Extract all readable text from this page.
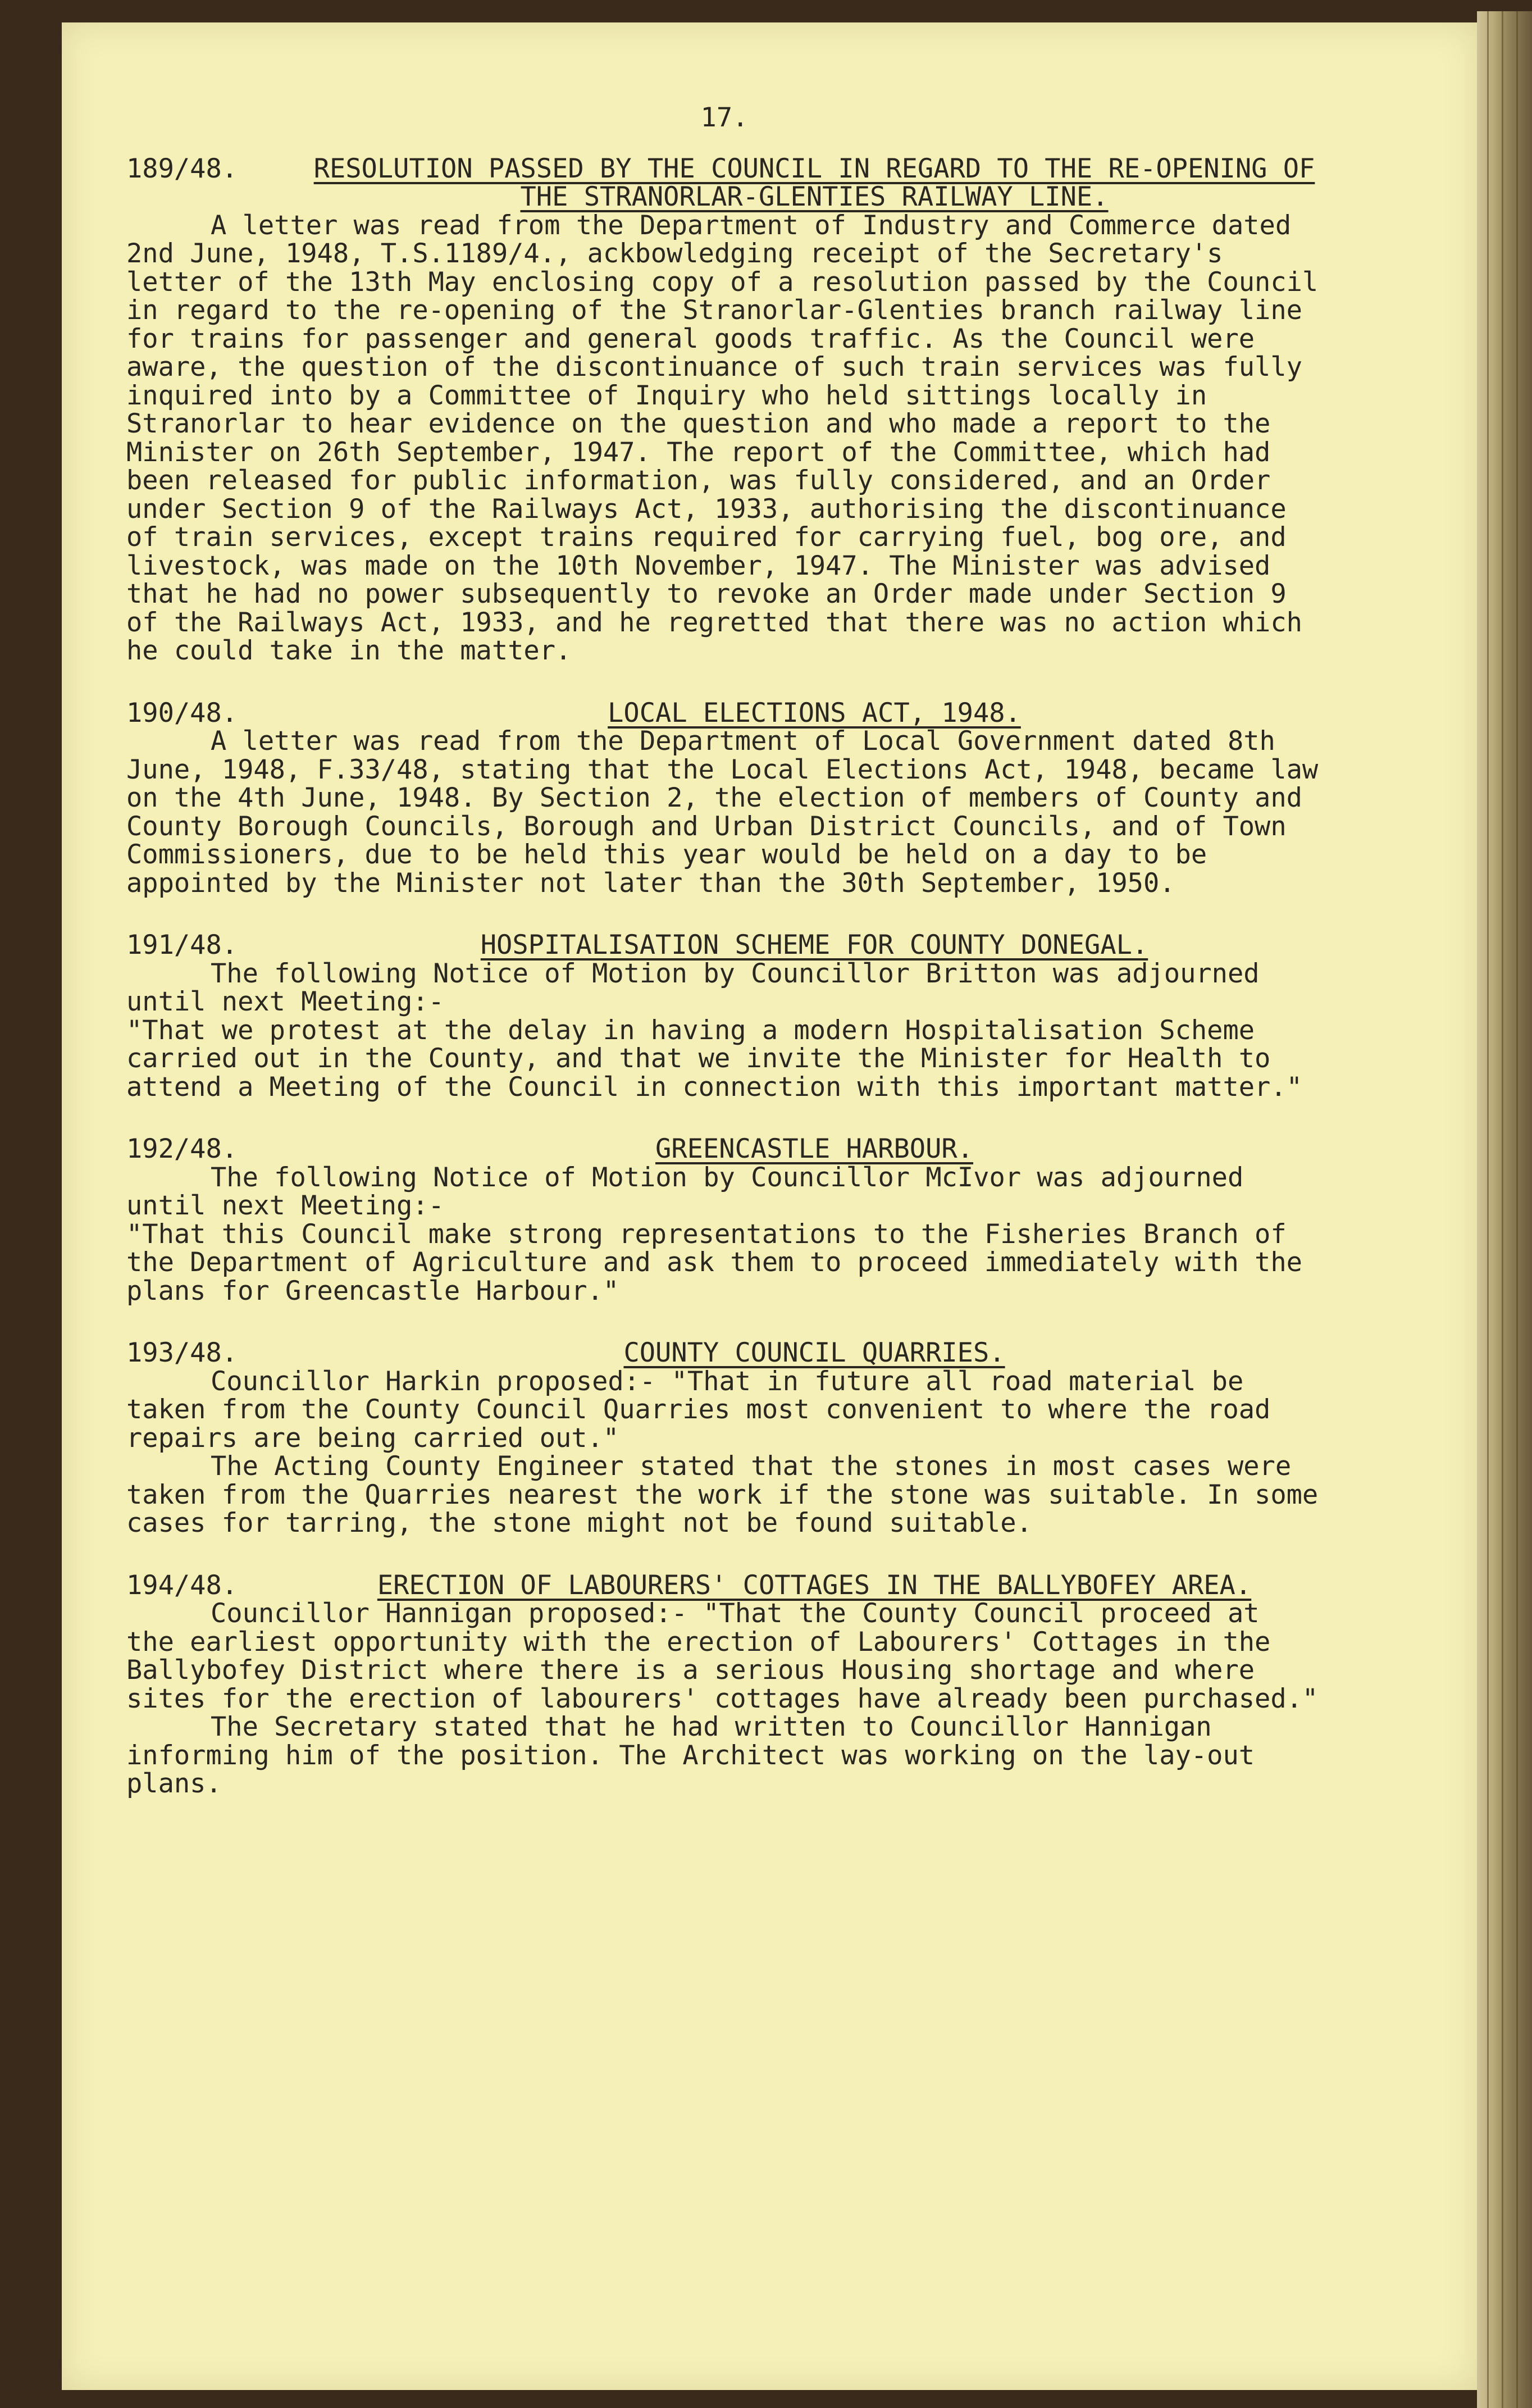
17.
189/48.	RESOLUTION PASSED BY THE COUNCIL IN REGARD TO THE RE-OPENING OF THE STRANORLAR-GLENTIES RAILWAY LINE.

A letter was read from the Department of Industry and Commerce dated 2nd June, 1948, T.S.1189/4., ackbowledging receipt of the Secretary's letter of the 13th May enclosing copy of a resolution passed by the Council in regard to the re-opening of the Stranorlar-Glenties branch railway line for trains for passenger and general goods traffic. As the Council were aware, the question of the discontinuance of such train services was fully inquired into by a Committee of Inquiry who held sittings locally in Stranorlar to hear evidence on the question and who made a report to the Minister on 26th September, 1947. The report of the Committee, which had been released for public information, was fully considered, and an Order under Section 9 of the Railways Act, 1933, authorising the discontinuance of train services, except trains required for carrying fuel, bog ore, and livestock, was made on the 10th November, 1947. The Minister was advised that he had no power subsequently to revoke an Order made under Section 9 of the Railways Act, 1933, and he regretted that there was no action which he could take in the matter.

190/48.	LOCAL ELECTIONS ACT, 1948.

A letter was read from the Department of Local Government dated 8th June, 1948, F.33/48, stating that the Local Elections Act, 1948, became law on the 4th June, 1948. By Section 2, the election of members of County and County Borough Councils, Borough and Urban District Councils, and of Town Commissioners, due to be held this year would be held on a day to be appointed by the Minister not later than the 30th September, 1950.

191/48.	HOSPITALISATION SCHEME FOR COUNTY DONEGAL.

The following Notice of Motion by Councillor Britton was adjourned until next Meeting:-

"That we protest at the delay in having a modern Hospitalisation Scheme carried out in the County, and that we invite the Minister for Health to attend a Meeting of the Council in connection with this important matter."

192/48.	GREENCASTLE HARBOUR.

The following Notice of Motion by Councillor McIvor was adjourned until next Meeting:-

"That this Council make strong representations to the Fisheries Branch of the Department of Agriculture and ask them to proceed immediately with the plans for Greencastle Harbour."

193/48.	COUNTY COUNCIL QUARRIES.

Councillor Harkin proposed:- "That in future all road material be taken from the County Council Quarries most convenient to where the road repairs are being carried out."

The Acting County Engineer stated that the stones in most cases were taken from the Quarries nearest the work if the stone was suitable. In some cases for tarring, the stone might not be found suitable.

194/48.	ERECTION OF LABOURERS' COTTAGES IN THE BALLYBOFEY AREA.

Councillor Hannigan proposed:- "That the County Council proceed at the earliest opportunity with the erection of Labourers' Cottages in the Ballybofey District where there is a serious Housing shortage and where sites for the erection of labourers' cottages have already been purchased."

The Secretary stated that he had written to Councillor Hannigan informing him of the position. The Architect was working on the lay-out plans.
